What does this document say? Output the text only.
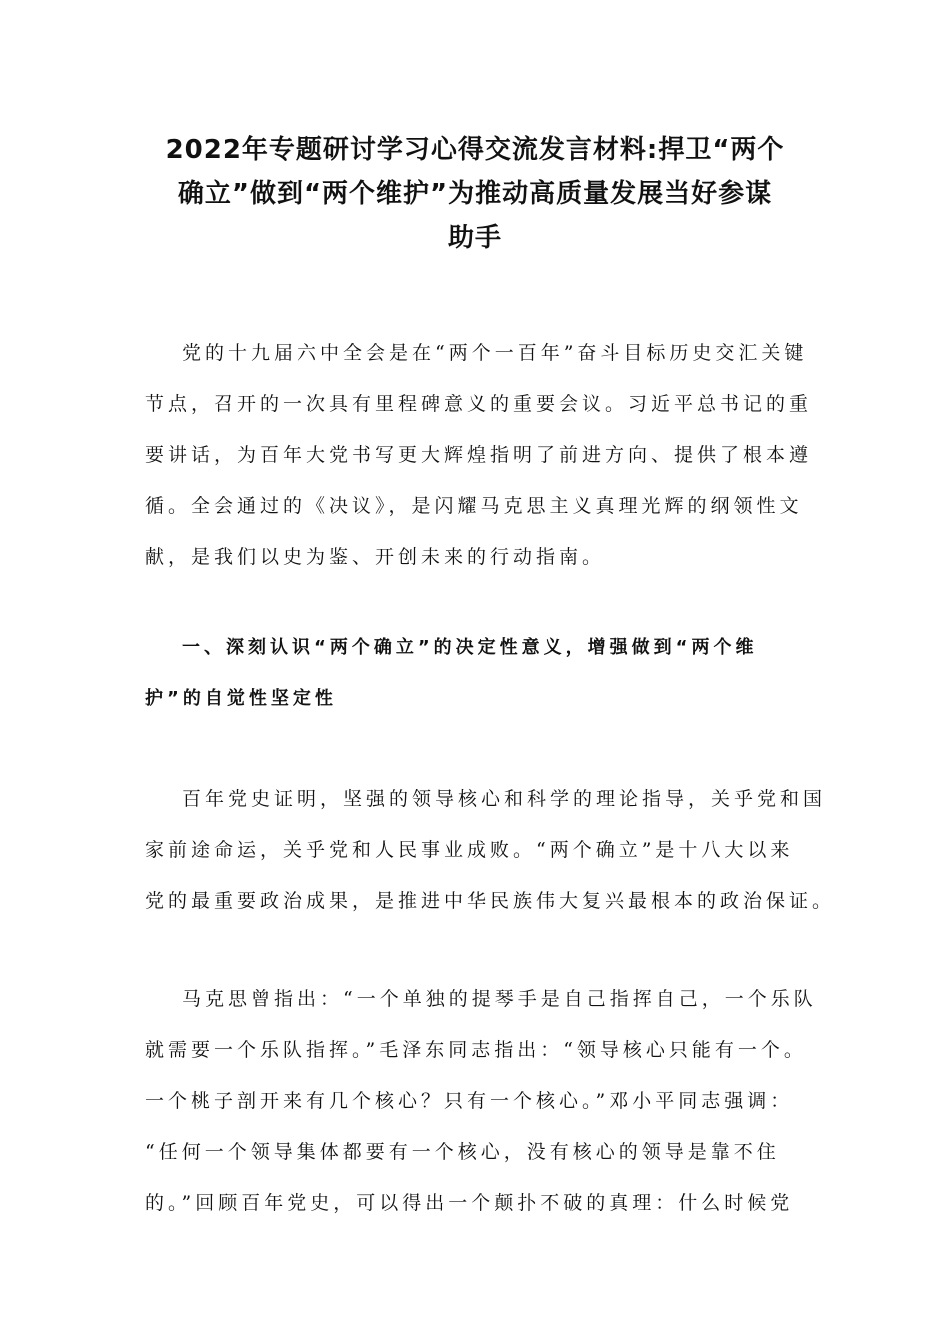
2022年专题研讨学习心得交流发言材料:捍卫“两个
确立”做到“两个维护”为推动高质量发展当好参谋
助手
党的十九届六中全会是在“两个一百年”奋斗目标历史交汇关键
节点，召开的一次具有里程碑意义的重要会议。习近平总书记的重
要讲话，为百年大党书写更大辉煌指明了前进方向、提供了根本遵
循。全会通过的《决议》，是闪耀马克思主义真理光辉的纲领性文
献，是我们以史为鉴、开创未来的行动指南。
一、深刻认识“两个确立”的决定性意义，增强做到“两个维
护”的自觉性坚定性
百年党史证明，坚强的领导核心和科学的理论指导，关乎党和国
家前途命运，关乎党和人民事业成败。“两个确立”是十八大以来
党的最重要政治成果，是推进中华民族伟大复兴最根本的政治保证。
马克思曾指出：“一个单独的提琴手是自己指挥自己，一个乐队
就需要一个乐队指挥。”毛泽东同志指出：“领导核心只能有一个。
一个桃子剖开来有几个核心？只有一个核心。”邓小平同志强调：
“任何一个领导集体都要有一个核心，没有核心的领导是靠不住
的。”回顾百年党史，可以得出一个颠扑不破的真理：什么时候党
